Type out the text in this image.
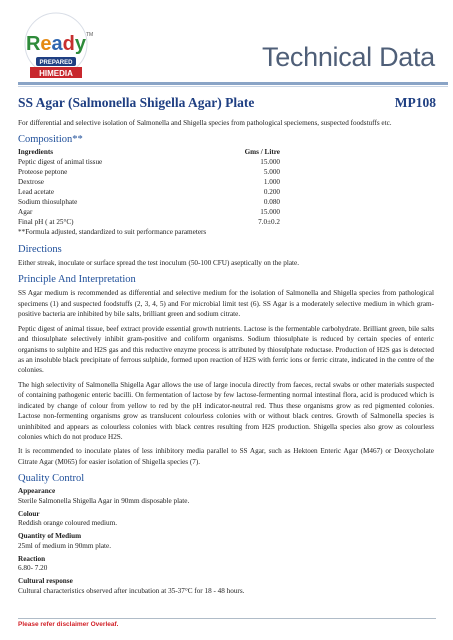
Ready TM
PREPARED
HIMEDIA
Technical Data
SS Agar (Salmonella Shigella Agar) Plate	MP108

For differential and selective isolation of Salmonella and Shigella species from pathological speciemens, suspected foodstuffs etc.

Composition**
Ingredients	Gms / Litre
Peptic digest of animal tissue	15.000
Proteose peptone	5.000
Dextrose	1.000
Lead acetate	0.200
Sodium thiosulphate	0.080
Agar	15.000
Final pH ( at 25°C)	7.0±0.2
**Formula adjusted, standardized to suit performance parameters
Directions

Either streak, inoculate or surface spread the test inoculum (50-100 CFU) aseptically on the plate.

Principle And Interpretation

SS Agar medium is recommended as differential and selective medium for the isolation of Salmonella and Shigella species from pathological specimens (1) and suspected foodstuffs (2, 3, 4, 5) and For microbial limit test (6). SS Agar is a moderately selective medium in which gram-positive bacteria are inhibited by bile salts, brilliant green and sodium citrate.

Peptic digest of animal tissue, beef extract provide essential growth nutrients. Lactose is the fermentable carbohydrate. Brilliant green, bile salts and thiosulphate selectively inhibit gram-positive and coliform organisms. Sodium thiosulphate is reduced by certain species of enteric organisms to sulphite and H2S gas and this reductive enzyme process is attributed by thiosulphate reductase. Production of H2S gas is detected as an insoluble black precipitate of ferrous sulphide, formed upon reaction of H2S with ferric ions or ferric citrate, indicated in the centre of the colonies.

The high selectivity of Salmonella Shigella Agar allows the use of large inocula directly from faeces, rectal swabs or other materials suspected of containing pathogenic enteric bacilli. On fermentation of lactose by few lactose-fermenting normal intestinal flora, acid is produced which is indicated by change of colour from yellow to red by the pH indicator-neutral red. Thus these organisms grow as red pigmented colonies. Lactose non-fermenting organisms grow as translucent colourless colonies with or without black centres. Growth of Salmonella species is uninhibited and appears as colourless colonies with black centres resulting from H2S production. Shigella species also grow as colourless colonies which do not produce H2S.

It is recommended to inoculate plates of less inhibitory media parallel to SS Agar, such as Hektoen Enteric Agar (M467) or Deoxycholate Citrate Agar (M065) for easier isolation of Shigella species (7).

Quality Control
Appearance
Sterile Salmonella Shigella Agar in 90mm disposable plate.
Colour
Reddish orange coloured medium.
Quantity of Medium
25ml of medium in 90mm plate.
Reaction
6.80- 7.20
Cultural response
Cultural characteristics observed after incubation at 35-37°C for 18 - 48 hours.
Please refer disclaimer Overleaf.
